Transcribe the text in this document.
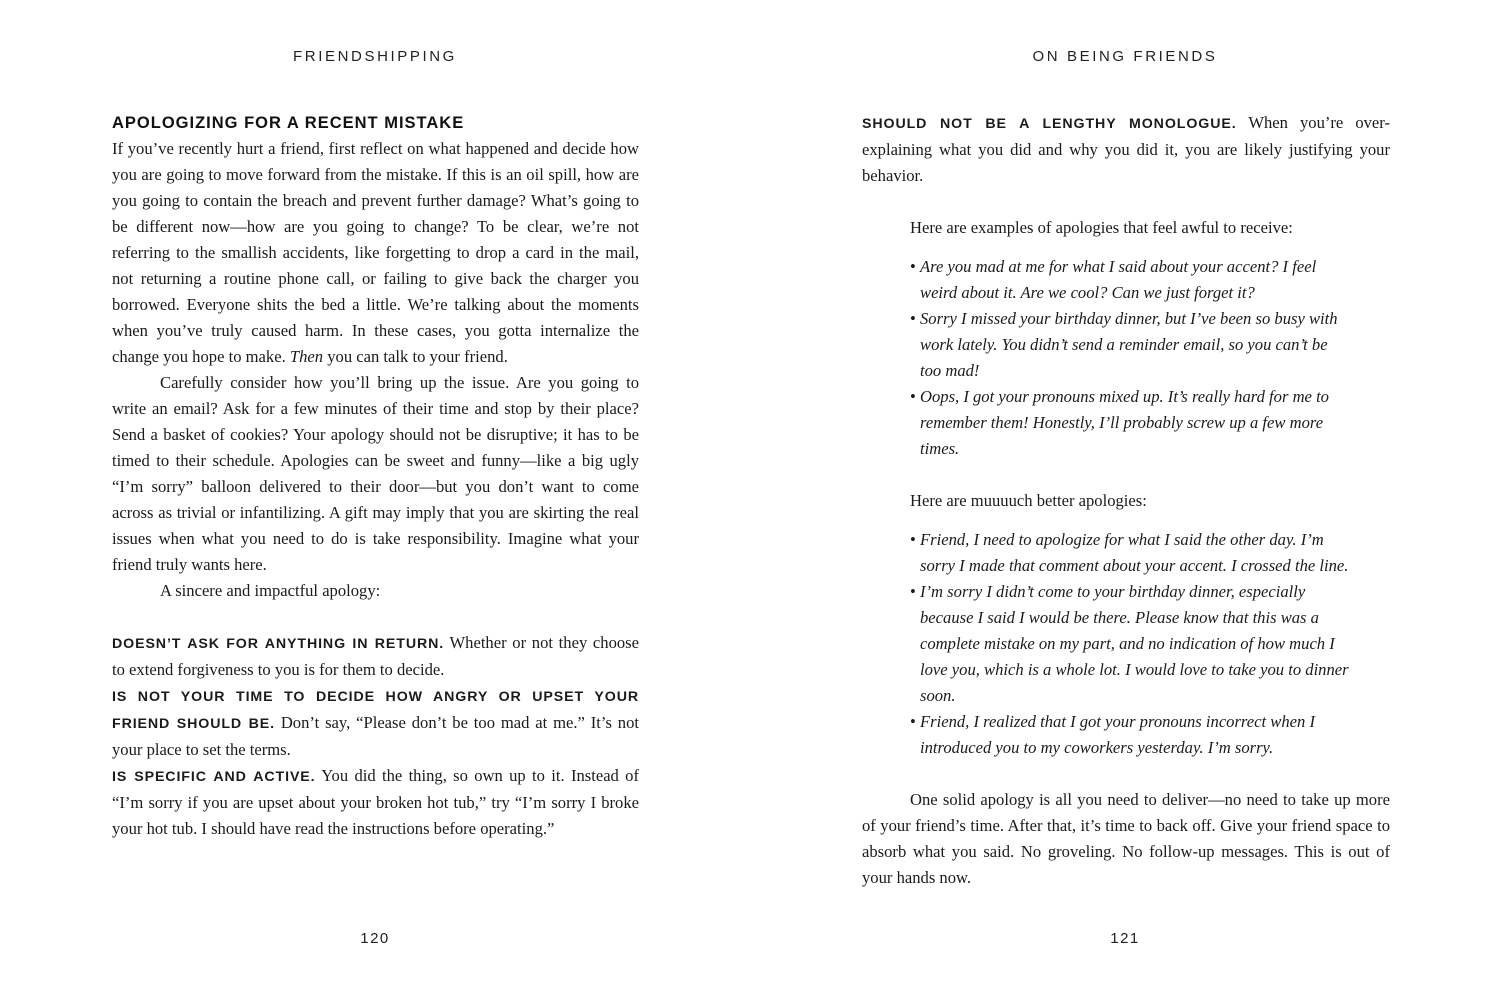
FRIENDSHIPPING
APOLOGIZING FOR A RECENT MISTAKE

If you’ve recently hurt a friend, first reflect on what happened and decide how you are going to move forward from the mistake. If this is an oil spill, how are you going to contain the breach and prevent further damage? What’s going to be different now—how are you going to change? To be clear, we’re not referring to the smallish accidents, like forgetting to drop a card in the mail, not returning a routine phone call, or failing to give back the charger you borrowed. Everyone shits the bed a little. We’re talking about the moments when you’ve truly caused harm. In these cases, you gotta internalize the change you hope to make. Then you can talk to your friend.

Carefully consider how you’ll bring up the issue. Are you going to write an email? Ask for a few minutes of their time and stop by their place? Send a basket of cookies? Your apology should not be disruptive; it has to be timed to their schedule. Apologies can be sweet and funny—like a big ugly “I’m sorry” balloon delivered to their door—but you don’t want to come across as trivial or infantilizing. A gift may imply that you are skirting the real issues when what you need to do is take responsibility. Imagine what your friend truly wants here.

A sincere and impactful apology:

DOESN’T ASK FOR ANYTHING IN RETURN. Whether or not they choose to extend forgiveness to you is for them to decide.

IS NOT YOUR TIME TO DECIDE HOW ANGRY OR UPSET YOUR FRIEND SHOULD BE. Don’t say, “Please don’t be too mad at me.” It’s not your place to set the terms.

IS SPECIFIC AND ACTIVE. You did the thing, so own up to it. Instead of “I’m sorry if you are upset about your broken hot tub,” try “I’m sorry I broke your hot tub. I should have read the instructions before operating.”

120
ON BEING FRIENDS

SHOULD NOT BE A LENGTHY MONOLOGUE. When you’re over-explaining what you did and why you did it, you are likely justifying your behavior.

Here are examples of apologies that feel awful to receive:

• Are you mad at me for what I said about your accent? I feel weird about it. Are we cool? Can we just forget it?
• Sorry I missed your birthday dinner, but I’ve been so busy with work lately. You didn’t send a reminder email, so you can’t be too mad!
• Oops, I got your pronouns mixed up. It’s really hard for me to remember them! Honestly, I’ll probably screw up a few more times.

Here are muuuuch better apologies:

• Friend, I need to apologize for what I said the other day. I’m sorry I made that comment about your accent. I crossed the line.
• I’m sorry I didn’t come to your birthday dinner, especially because I said I would be there. Please know that this was a complete mistake on my part, and no indication of how much I love you, which is a whole lot. I would love to take you to dinner soon.
• Friend, I realized that I got your pronouns incorrect when I introduced you to my coworkers yesterday. I’m sorry.

One solid apology is all you need to deliver—no need to take up more of your friend’s time. After that, it’s time to back off. Give your friend space to absorb what you said. No groveling. No follow-up messages. This is out of your hands now.

121
